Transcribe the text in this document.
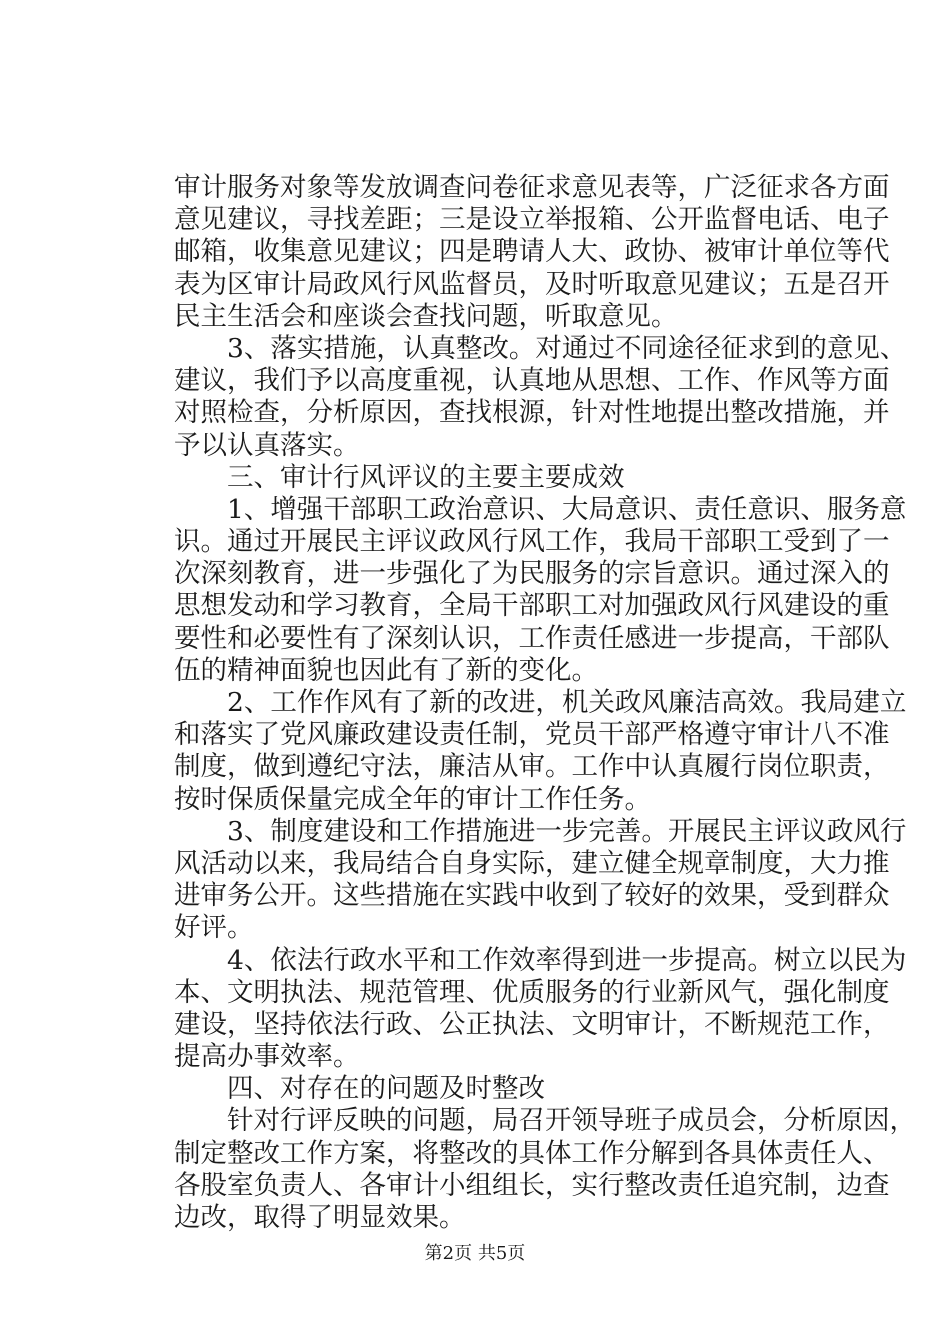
审计服务对象等发放调查问卷征求意见表等，广泛征求各方面
意见建议，寻找差距；三是设立举报箱、公开监督电话、电子
邮箱，收集意见建议；四是聘请人大、政协、被审计单位等代
表为区审计局政风行风监督员，及时听取意见建议；五是召开
民主生活会和座谈会查找问题，听取意见。
　　3、落实措施，认真整改。对通过不同途径征求到的意见、
建议，我们予以高度重视，认真地从思想、工作、作风等方面
对照检查，分析原因，查找根源，针对性地提出整改措施，并
予以认真落实。
　　三、审计行风评议的主要主要成效
　　1、增强干部职工政治意识、大局意识、责任意识、服务意
识。通过开展民主评议政风行风工作，我局干部职工受到了一
次深刻教育，进一步强化了为民服务的宗旨意识。通过深入的
思想发动和学习教育，全局干部职工对加强政风行风建设的重
要性和必要性有了深刻认识，工作责任感进一步提高，干部队
伍的精神面貌也因此有了新的变化。
　　2、工作作风有了新的改进，机关政风廉洁高效。我局建立
和落实了党风廉政建设责任制，党员干部严格遵守审计八不准
制度，做到遵纪守法，廉洁从审。工作中认真履行岗位职责，
按时保质保量完成全年的审计工作任务。
　　3、制度建设和工作措施进一步完善。开展民主评议政风行
风活动以来，我局结合自身实际，建立健全规章制度，大力推
进审务公开。这些措施在实践中收到了较好的效果，受到群众
好评。
　　4、依法行政水平和工作效率得到进一步提高。树立以民为
本、文明执法、规范管理、优质服务的行业新风气，强化制度
建设，坚持依法行政、公正执法、文明审计，不断规范工作，
提高办事效率。
　　四、对存在的问题及时整改
　　针对行评反映的问题，局召开领导班子成员会，分析原因，
制定整改工作方案，将整改的具体工作分解到各具体责任人、
各股室负责人、各审计小组组长，实行整改责任追究制，边查
边改，取得了明显效果。
第2页 共5页
